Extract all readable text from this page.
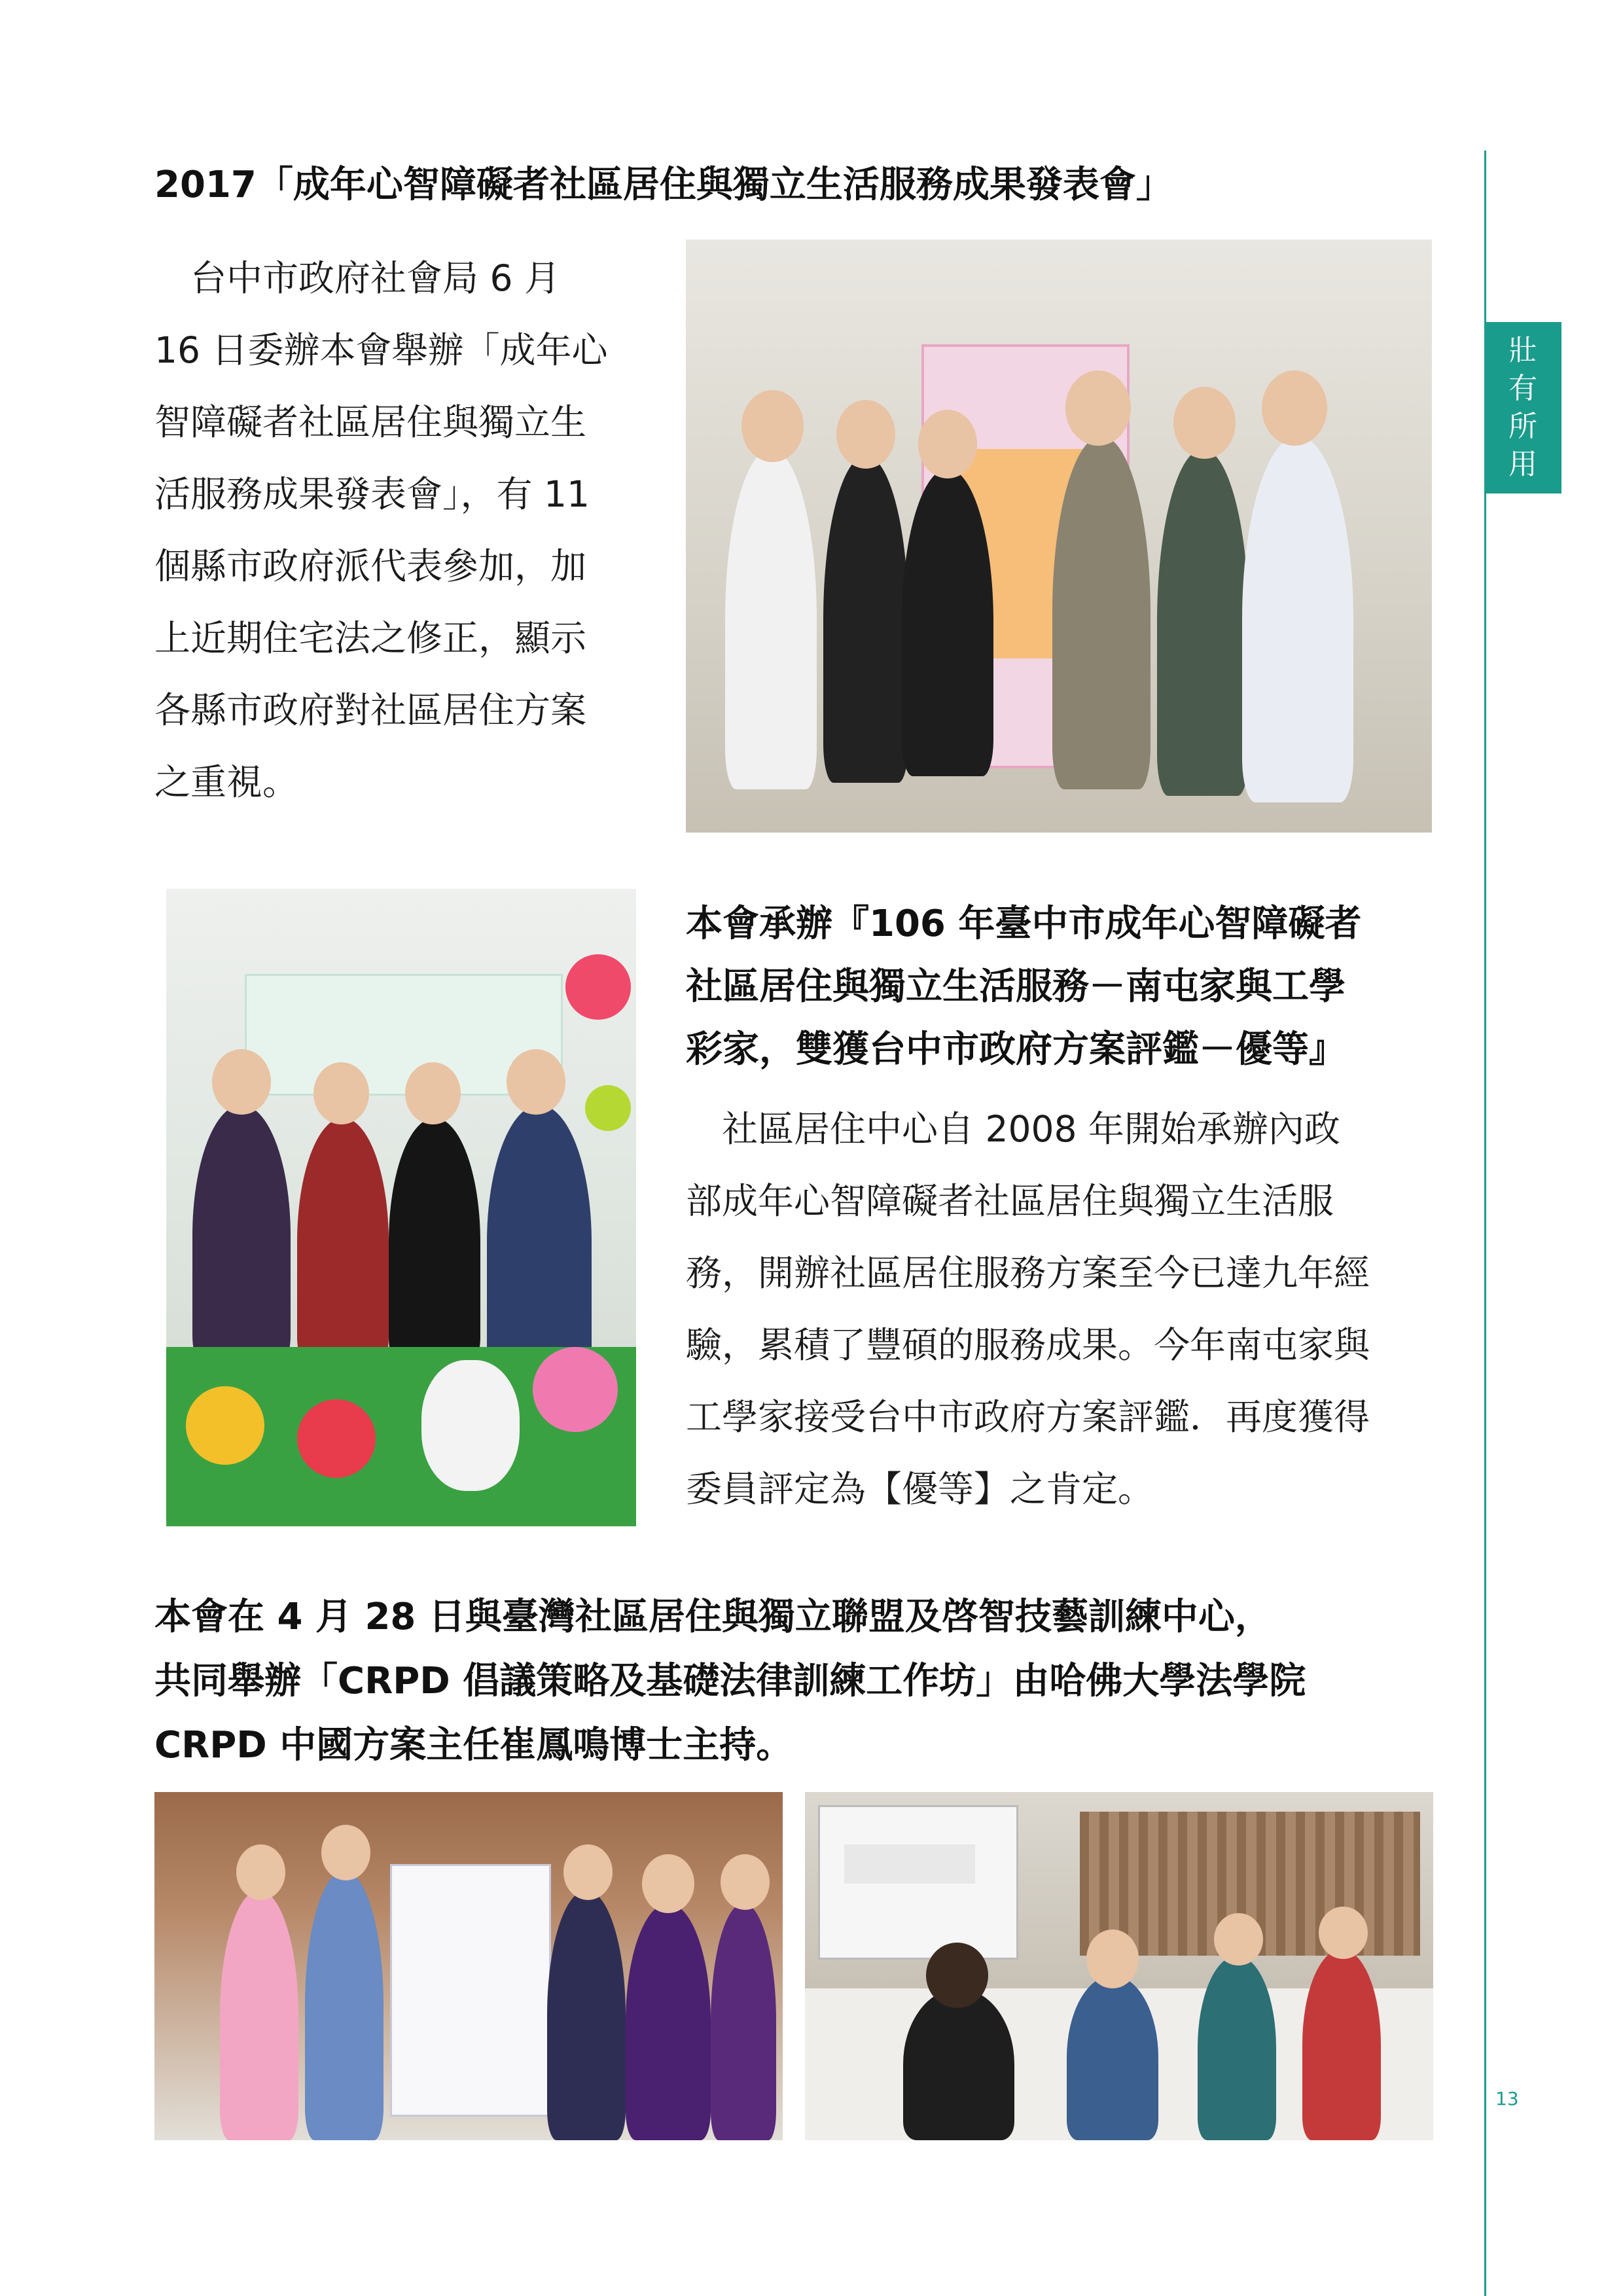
壯
有
所
用
13
2017「成年心智障礙者社區居住與獨立生活服務成果發表會」
　台中市政府社會局 6 月
16 日委辦本會舉辦「成年心
智障礙者社區居住與獨立生
活服務成果發表會」，有 11
個縣市政府派代表參加，加
上近期住宅法之修正，顯示
各縣市政府對社區居住方案
之重視。
本會承辦『106 年臺中市成年心智障礙者
社區居住與獨立生活服務－南屯家與工學
彩家，雙獲台中市政府方案評鑑－優等』
　社區居住中心自 2008 年開始承辦內政
部成年心智障礙者社區居住與獨立生活服
務，開辦社區居住服務方案至今已達九年經
驗，累積了豐碩的服務成果。今年南屯家與
工學家接受台中市政府方案評鑑．再度獲得
委員評定為【優等】之肯定。
本會在 4 月 28 日與臺灣社區居住與獨立聯盟及啓智技藝訓練中心，
共同舉辦「CRPD 倡議策略及基礎法律訓練工作坊」由哈佛大學法學院
CRPD 中國方案主任崔鳳鳴博士主持。
